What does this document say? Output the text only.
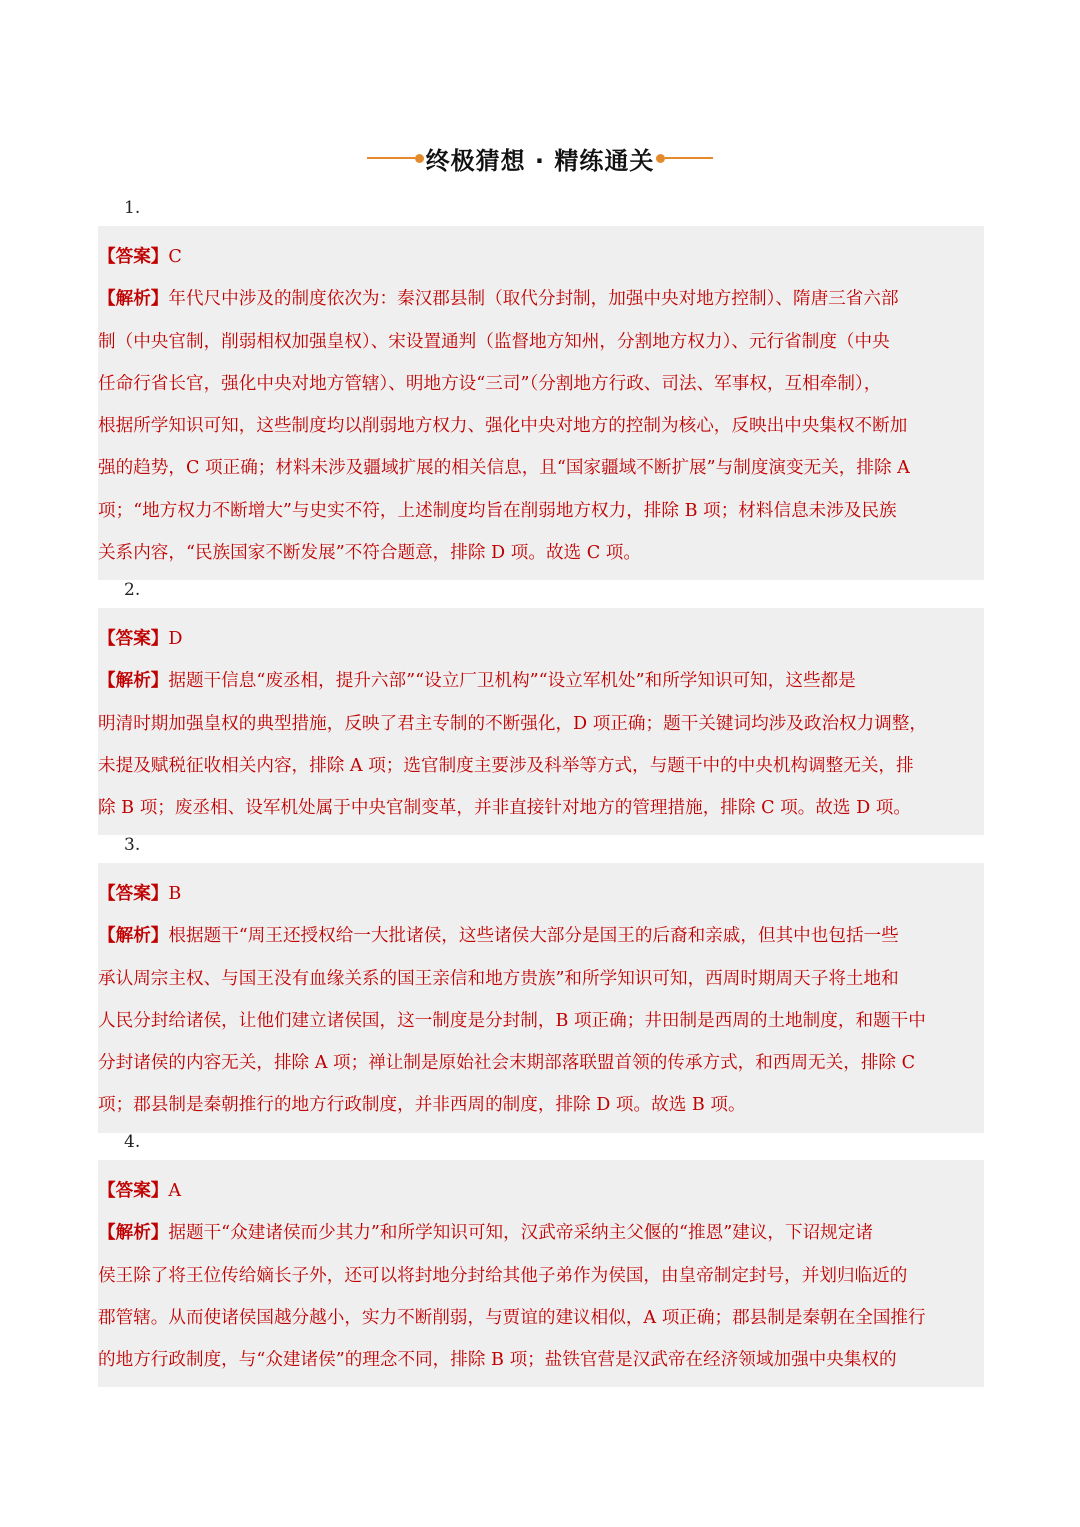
终极猜想 · 精练通关
1.
【答案】C
【解析】年代尺中涉及的制度依次为：秦汉郡县制（取代分封制，加强中央对地方控制）、隋唐三省六部
制（中央官制，削弱相权加强皇权）、宋设置通判（监督地方知州，分割地方权力）、元行省制度（中央
任命行省长官，强化中央对地方管辖）、明地方设“三司”（分割地方行政、司法、军事权，互相牵制），
根据所学知识可知，这些制度均以削弱地方权力、强化中央对地方的控制为核心，反映出中央集权不断加
强的趋势，C 项正确；材料未涉及疆域扩展的相关信息，且“国家疆域不断扩展”与制度演变无关，排除 A
项；“地方权力不断增大”与史实不符，上述制度均旨在削弱地方权力，排除 B 项；材料信息未涉及民族
关系内容，“民族国家不断发展”不符合题意，排除 D 项。故选 C 项。
2.
【答案】D
【解析】据题干信息“废丞相，提升六部”“设立厂卫机构”“设立军机处”和所学知识可知，这些都是
明清时期加强皇权的典型措施，反映了君主专制的不断强化，D 项正确；题干关键词均涉及政治权力调整，
未提及赋税征收相关内容，排除 A 项；选官制度主要涉及科举等方式，与题干中的中央机构调整无关，排
除 B 项；废丞相、设军机处属于中央官制变革，并非直接针对地方的管理措施，排除 C 项。故选 D 项。
3.
【答案】B
【解析】根据题干“周王还授权给一大批诸侯，这些诸侯大部分是国王的后裔和亲戚，但其中也包括一些
承认周宗主权、与国王没有血缘关系的国王亲信和地方贵族”和所学知识可知，西周时期周天子将土地和
人民分封给诸侯，让他们建立诸侯国，这一制度是分封制，B 项正确；井田制是西周的土地制度，和题干中
分封诸侯的内容无关，排除 A 项；禅让制是原始社会末期部落联盟首领的传承方式，和西周无关，排除 C
项；郡县制是秦朝推行的地方行政制度，并非西周的制度，排除 D 项。故选 B 项。
4.
【答案】A
【解析】据题干“众建诸侯而少其力”和所学知识可知，汉武帝采纳主父偃的“推恩”建议，下诏规定诸
侯王除了将王位传给嫡长子外，还可以将封地分封给其他子弟作为侯国，由皇帝制定封号，并划归临近的
郡管辖。从而使诸侯国越分越小，实力不断削弱，与贾谊的建议相似，A 项正确；郡县制是秦朝在全国推行
的地方行政制度，与“众建诸侯”的理念不同，排除 B 项；盐铁官营是汉武帝在经济领域加强中央集权的
